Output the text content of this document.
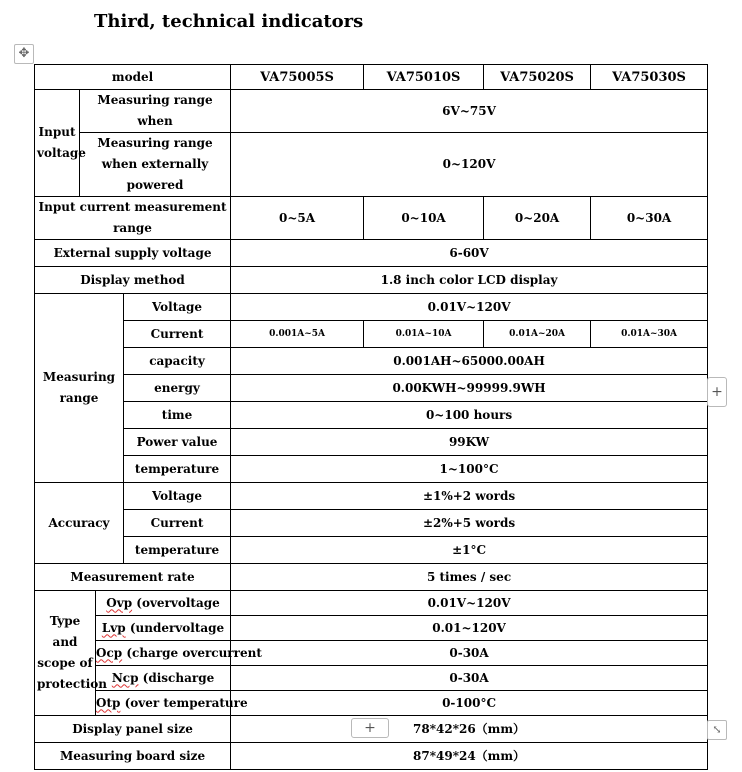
Third, technical indicators
✥
model				VA75005S	VA75010S	VA75020S	VA75030S
Input voltage	Measuring range when			6V~75V			
	Measuring range when externally powered			0~120V			
Input current measurement range				0~5A	0~10A	0~20A	0~30A
External supply voltage				6-60V			
Display method				1.8 inch color LCD display			
Measuring range			Voltage	0.01V~120V			
			Current	0.001A~5A	0.01A~10A	0.01A~20A	0.01A~30A
			capacity	0.001AH~65000.00AH			
			energy	0.00KWH~99999.9WH			
			time	0~100 hours			
			Power value	99KW			
			temperature	1~100°C			
Accuracy			Voltage	±1%+2 words			
			Current	±2%+5 words			
			temperature	±1°C			
Measurement rate				5 times / sec			
Type and scope of protection		Ovp (overvoltage		0.01V~120V			
		Lvp (undervoltage		0.01~120V			
		Ocp (charge overcurrent		0-30A			
		Ncp (discharge		0-30A			
		Otp (over temperature		0-100°C			
Display panel size				78*42*26（mm）			
Measuring board size				87*49*24（mm）			
+
+	⤡
